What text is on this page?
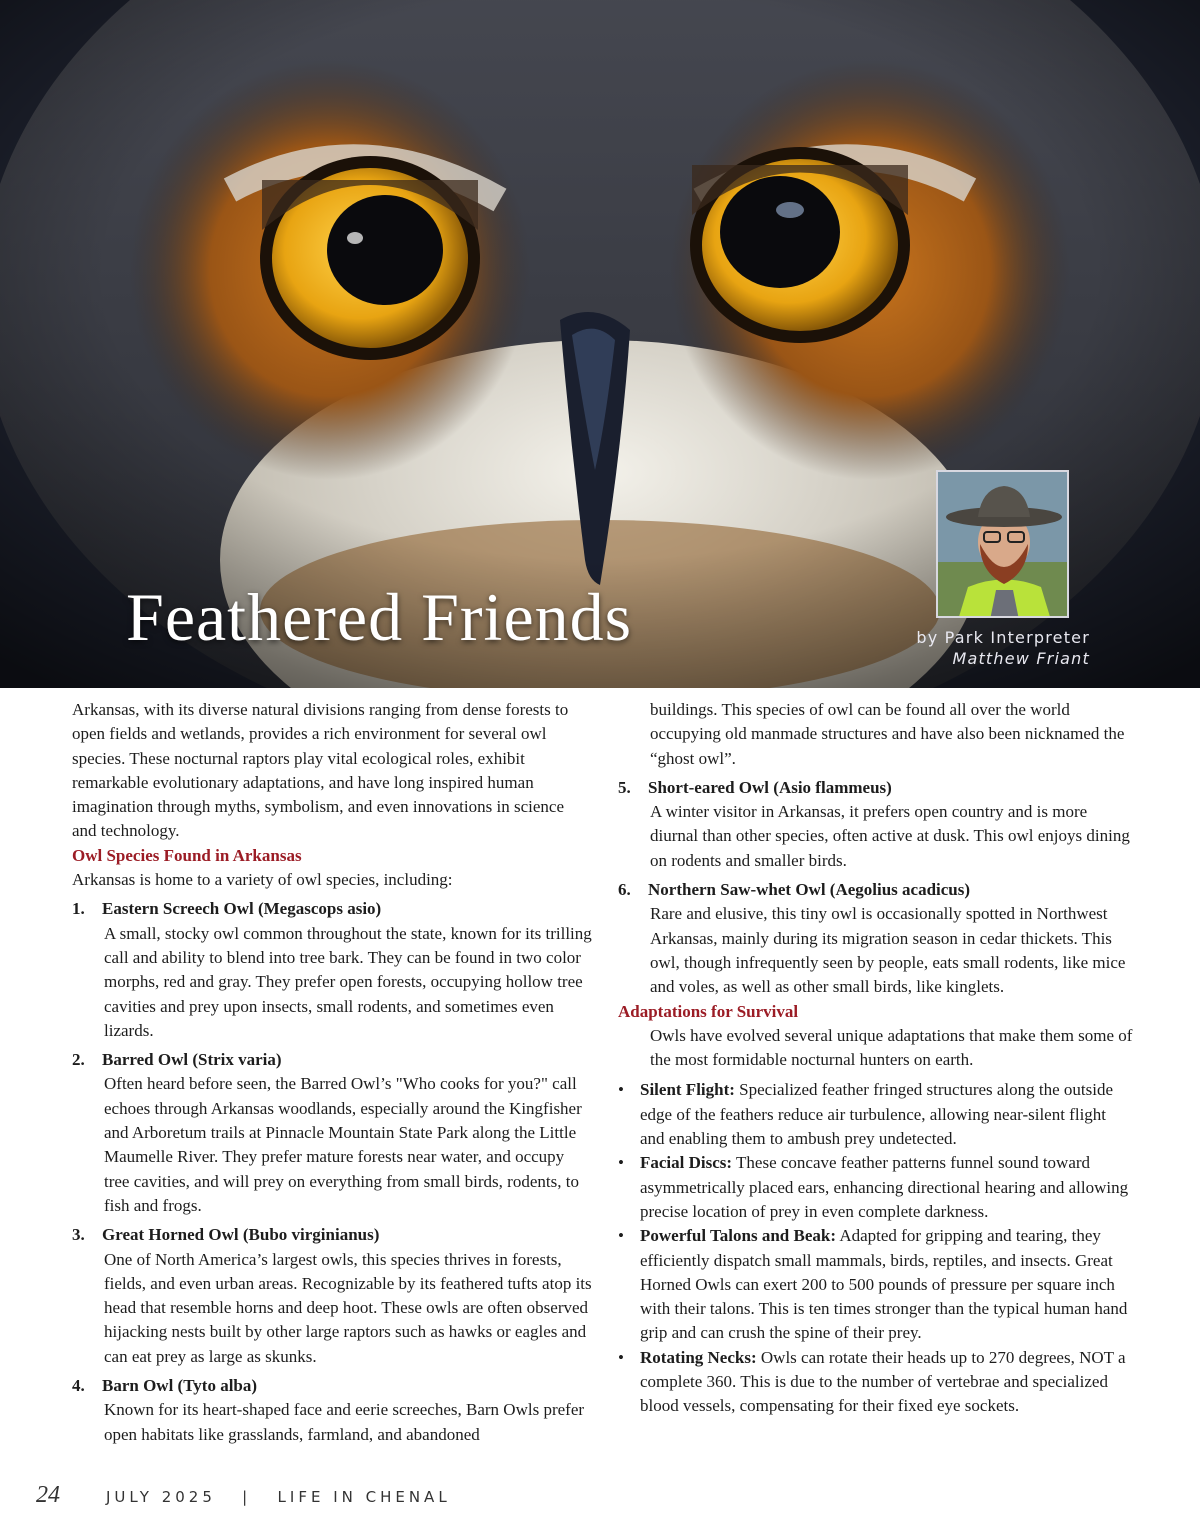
Feathered Friends	by Park Interpreter
Matthew Friant

Arkansas, with its diverse natural divisions ranging from dense forests to open fields and wetlands, provides a rich environment for several owl species. These nocturnal raptors play vital ecological roles, exhibit remarkable evolutionary adaptations, and have long inspired human imagination through myths, symbolism, and even innovations in science and technology.

Owl Species Found in Arkansas

Arkansas is home to a variety of owl species, including:

1. Eastern Screech Owl (Megascops asio)
A small, stocky owl common throughout the state, known for its trilling call and ability to blend into tree bark. They can be found in two color morphs, red and gray. They prefer open forests, occupying hollow tree cavities and prey upon insects, small rodents, and sometimes even lizards.
2. Barred Owl (Strix varia)
Often heard before seen, the Barred Owl’s "Who cooks for you?" call echoes through Arkansas woodlands, especially around the Kingfisher and Arboretum trails at Pinnacle Mountain State Park along the Little Maumelle River. They prefer mature forests near water, and occupy tree cavities, and will prey on everything from small birds, rodents, to fish and frogs.
3. Great Horned Owl (Bubo virginianus)
One of North America’s largest owls, this species thrives in forests, fields, and even urban areas. Recognizable by its feathered tufts atop its head that resemble horns and deep hoot. These owls are often observed hijacking nests built by other large raptors such as hawks or eagles and can eat prey as large as skunks.
4. Barn Owl (Tyto alba)
Known for its heart-shaped face and eerie screeches, Barn Owls prefer open habitats like grasslands, farmland, and abandoned

buildings. This species of owl can be found all over the world occupying old manmade structures and have also been nicknamed the “ghost owl”.

5. Short-eared Owl (Asio flammeus)
A winter visitor in Arkansas, it prefers open country and is more diurnal than other species, often active at dusk. This owl enjoys dining on rodents and smaller birds.
6. Northern Saw-whet Owl (Aegolius acadicus)
Rare and elusive, this tiny owl is occasionally spotted in Northwest Arkansas, mainly during its migration season in cedar thickets. This owl, though infrequently seen by people, eats small rodents, like mice and voles, as well as other small birds, like kinglets.

Adaptations for Survival

Owls have evolved several unique adaptations that make them some of the most formidable nocturnal hunters on earth.

• Silent Flight: Specialized feather fringed structures along the outside edge of the feathers reduce air turbulence, allowing near-silent flight and enabling them to ambush prey undetected.
• Facial Discs: These concave feather patterns funnel sound toward asymmetrically placed ears, enhancing directional hearing and allowing precise location of prey in even complete darkness.
• Powerful Talons and Beak: Adapted for gripping and tearing, they efficiently dispatch small mammals, birds, reptiles, and insects. Great Horned Owls can exert 200 to 500 pounds of pressure per square inch with their talons. This is ten times stronger than the typical human hand grip and can crush the spine of their prey.
• Rotating Necks: Owls can rotate their heads up to 270 degrees, NOT a complete 360. This is due to the number of vertebrae and specialized blood vessels, compensating for their fixed eye sockets.
24	JULY 2025   |   LIFE IN CHENAL
